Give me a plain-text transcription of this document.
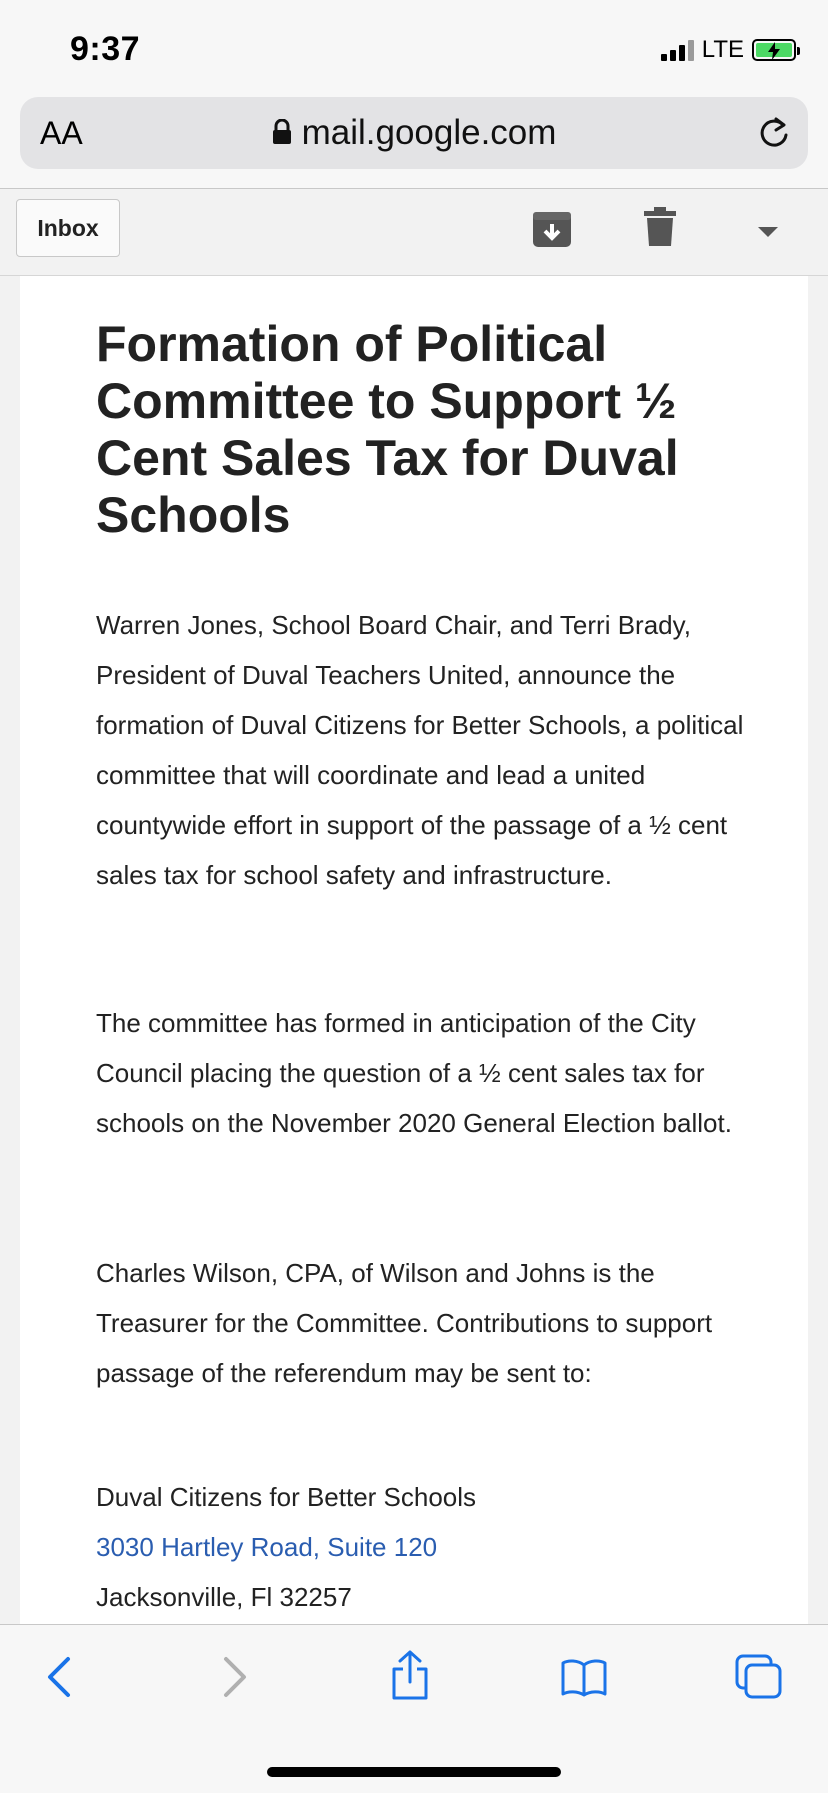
9:37	LTE
AA	mail.google.com
Inbox
Formation of Political Committee to Support ½ Cent Sales Tax for Duval Schools

Warren Jones, School Board Chair, and Terri Brady, President of Duval Teachers United, announce the formation of Duval Citizens for Better Schools, a political committee that will coordinate and lead a united countywide effort in support of the passage of a ½ cent sales tax for school safety and infrastructure.

The committee has formed in anticipation of the City Council placing the question of a ½ cent sales tax for schools on the November 2020 General Election ballot.

Charles Wilson, CPA, of Wilson and Johns is the Treasurer for the Committee. Contributions to support passage of the referendum may be sent to:

Duval Citizens for Better Schools

3030 Hartley Road, Suite 120

Jacksonville, Fl 32257
